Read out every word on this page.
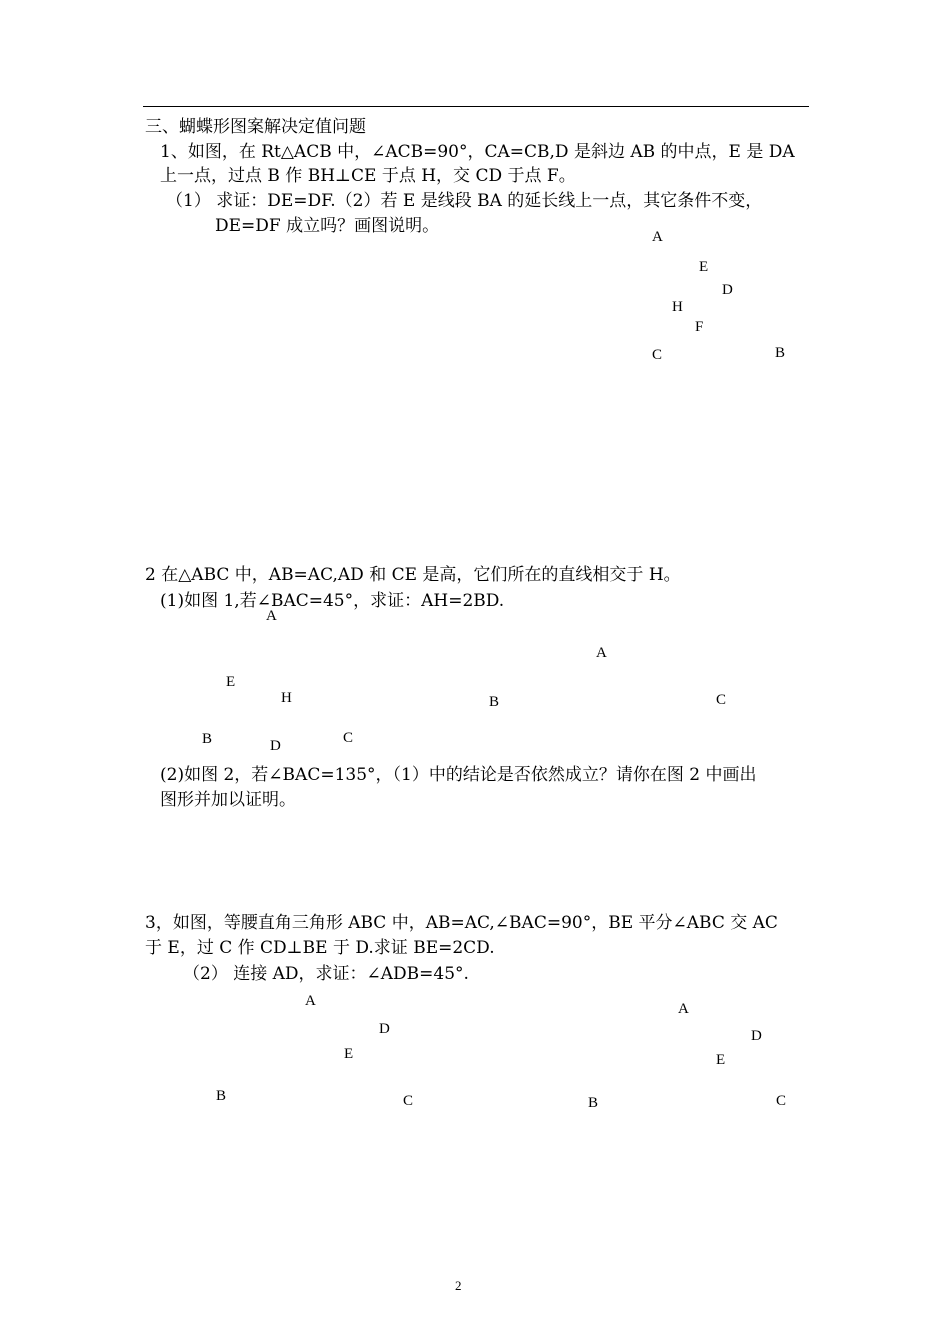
三、蝴蝶形图案解决定值问题
1、如图，在 Rt△ACB 中，∠ACB=90°，CA=CB,D 是斜边 AB 的中点，E 是 DA
上一点，过点 B 作 BH⊥CE 于点 H，交 CD 于点 F。
（1） 求证：DE=DF.（2）若 E 是线段 BA 的延长线上一点，其它条件不变，
DE=DF 成立吗？画图说明。
A
E
D
H
F
C	B
2 在△ABC 中，AB=AC,AD 和 CE 是高，它们所在的直线相交于 H。
(1)如图 1,若∠BAC=45°，求证：AH=2BD.
A
E
H
B	D	C
A
B	C
(2)如图 2，若∠BAC=135°，（1）中的结论是否依然成立？请你在图 2 中画出
图形并加以证明。
3，如图，等腰直角三角形 ABC 中，AB=AC,∠BAC=90°，BE 平分∠ABC 交 AC
于 E，过 C 作 CD⊥BE 于 D.求证 BE=2CD.
（2） 连接 AD，求证：∠ADB=45°.
A
D
E
B	C
A
D
E
B	C
2
